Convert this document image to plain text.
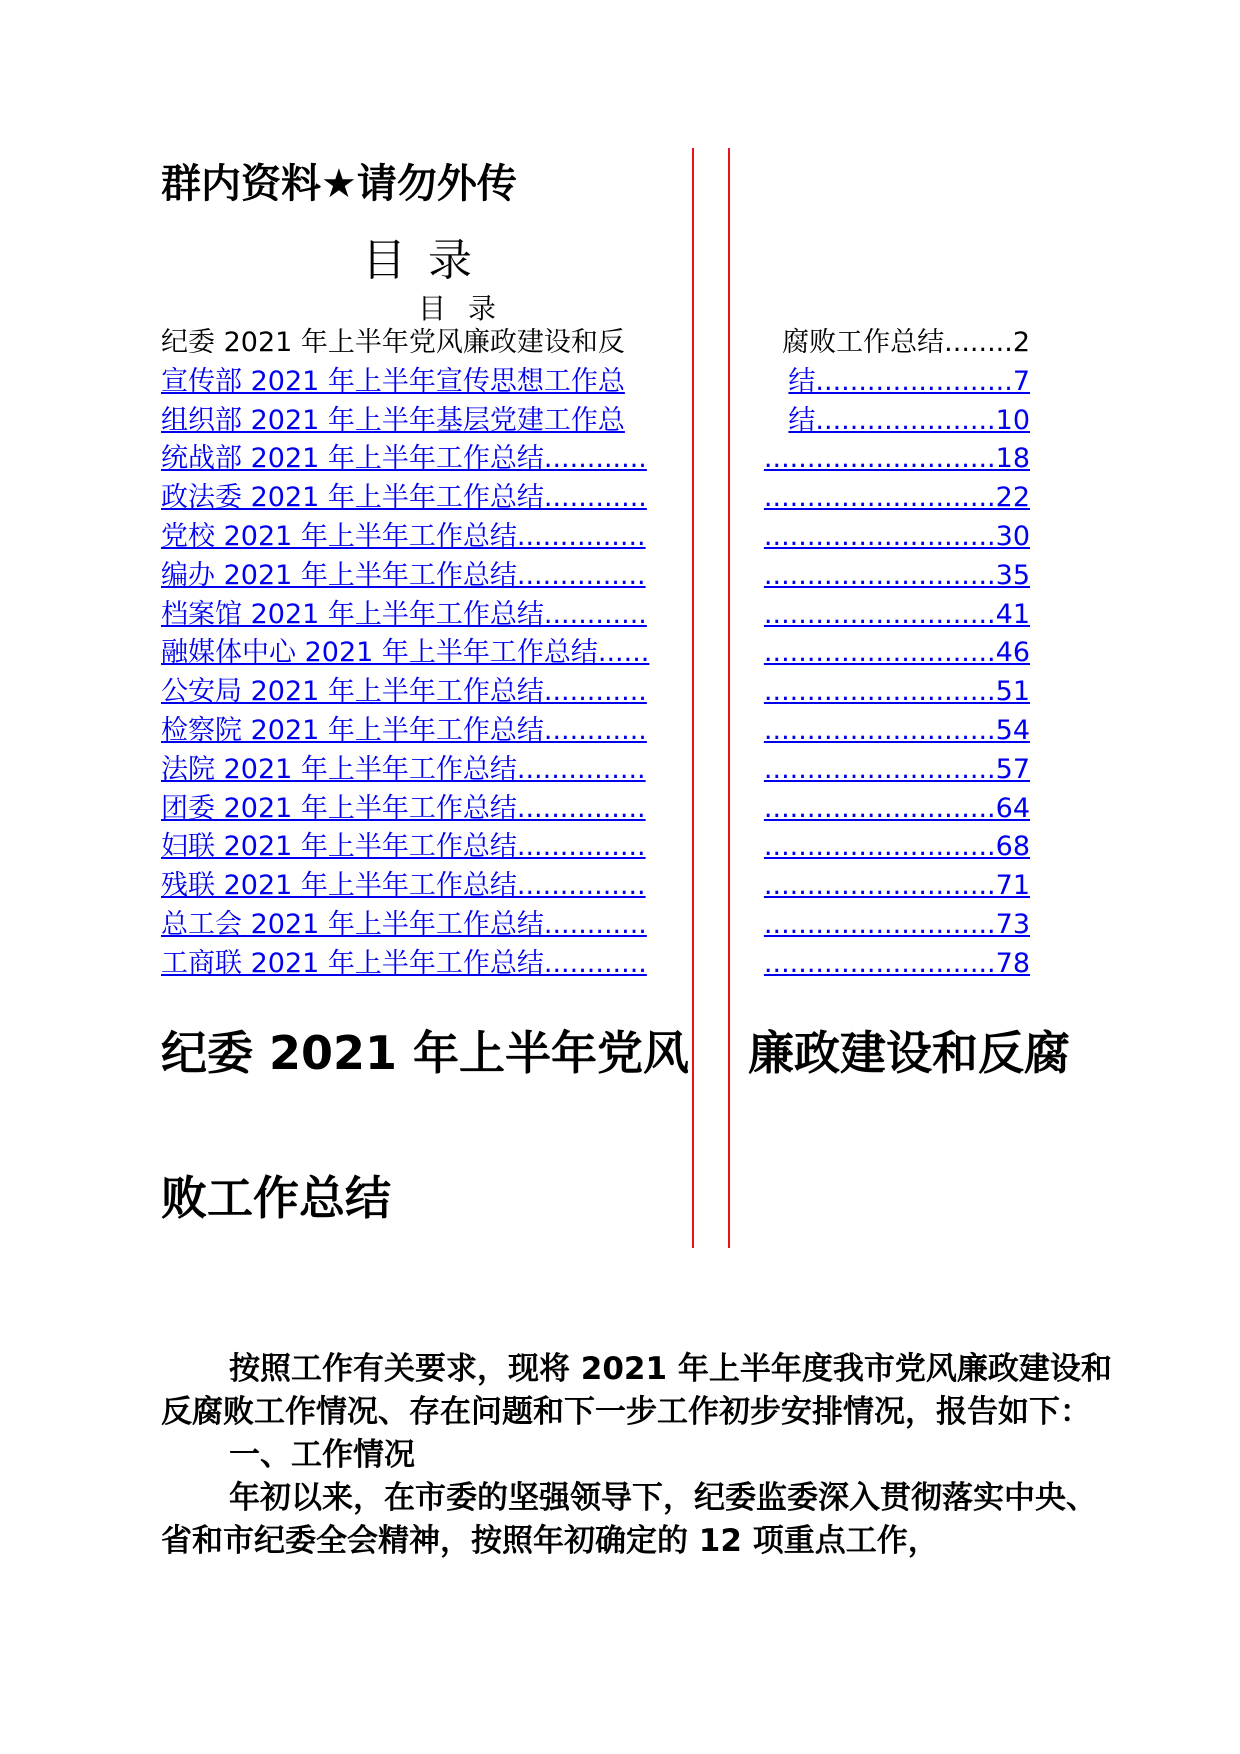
群内资料★请勿外传
目录
目录
纪委 2021 年上半年党风廉政建设和反	腐败工作总结........2
宣传部 2021 年上半年宣传思想工作总	结.......................7
组织部 2021 年上半年基层党建工作总	结.....................10
统战部 2021 年上半年工作总结............	...........................18
政法委 2021 年上半年工作总结............	...........................22
党校 2021 年上半年工作总结...............	...........................30
编办 2021 年上半年工作总结...............	...........................35
档案馆 2021 年上半年工作总结............	...........................41
融媒体中心 2021 年上半年工作总结......	...........................46
公安局 2021 年上半年工作总结............	...........................51
检察院 2021 年上半年工作总结............	...........................54
法院 2021 年上半年工作总结...............	...........................57
团委 2021 年上半年工作总结...............	...........................64
妇联 2021 年上半年工作总结...............	...........................68
残联 2021 年上半年工作总结...............	...........................71
总工会 2021 年上半年工作总结............	...........................73
工商联 2021 年上半年工作总结............	...........................78
纪委 2021 年上半年党风 廉政建设和反腐
败工作总结

按照工作有关要求，现将 2021 年上半年度我市党风廉政建设和反腐败工作情况、存在问题和下一步工作初步安排情况，报告如下：

一、工作情况

年初以来，在市委的坚强领导下，纪委监委深入贯彻落实中央、省和市纪委全会精神，按照年初确定的 12 项重点工作，
